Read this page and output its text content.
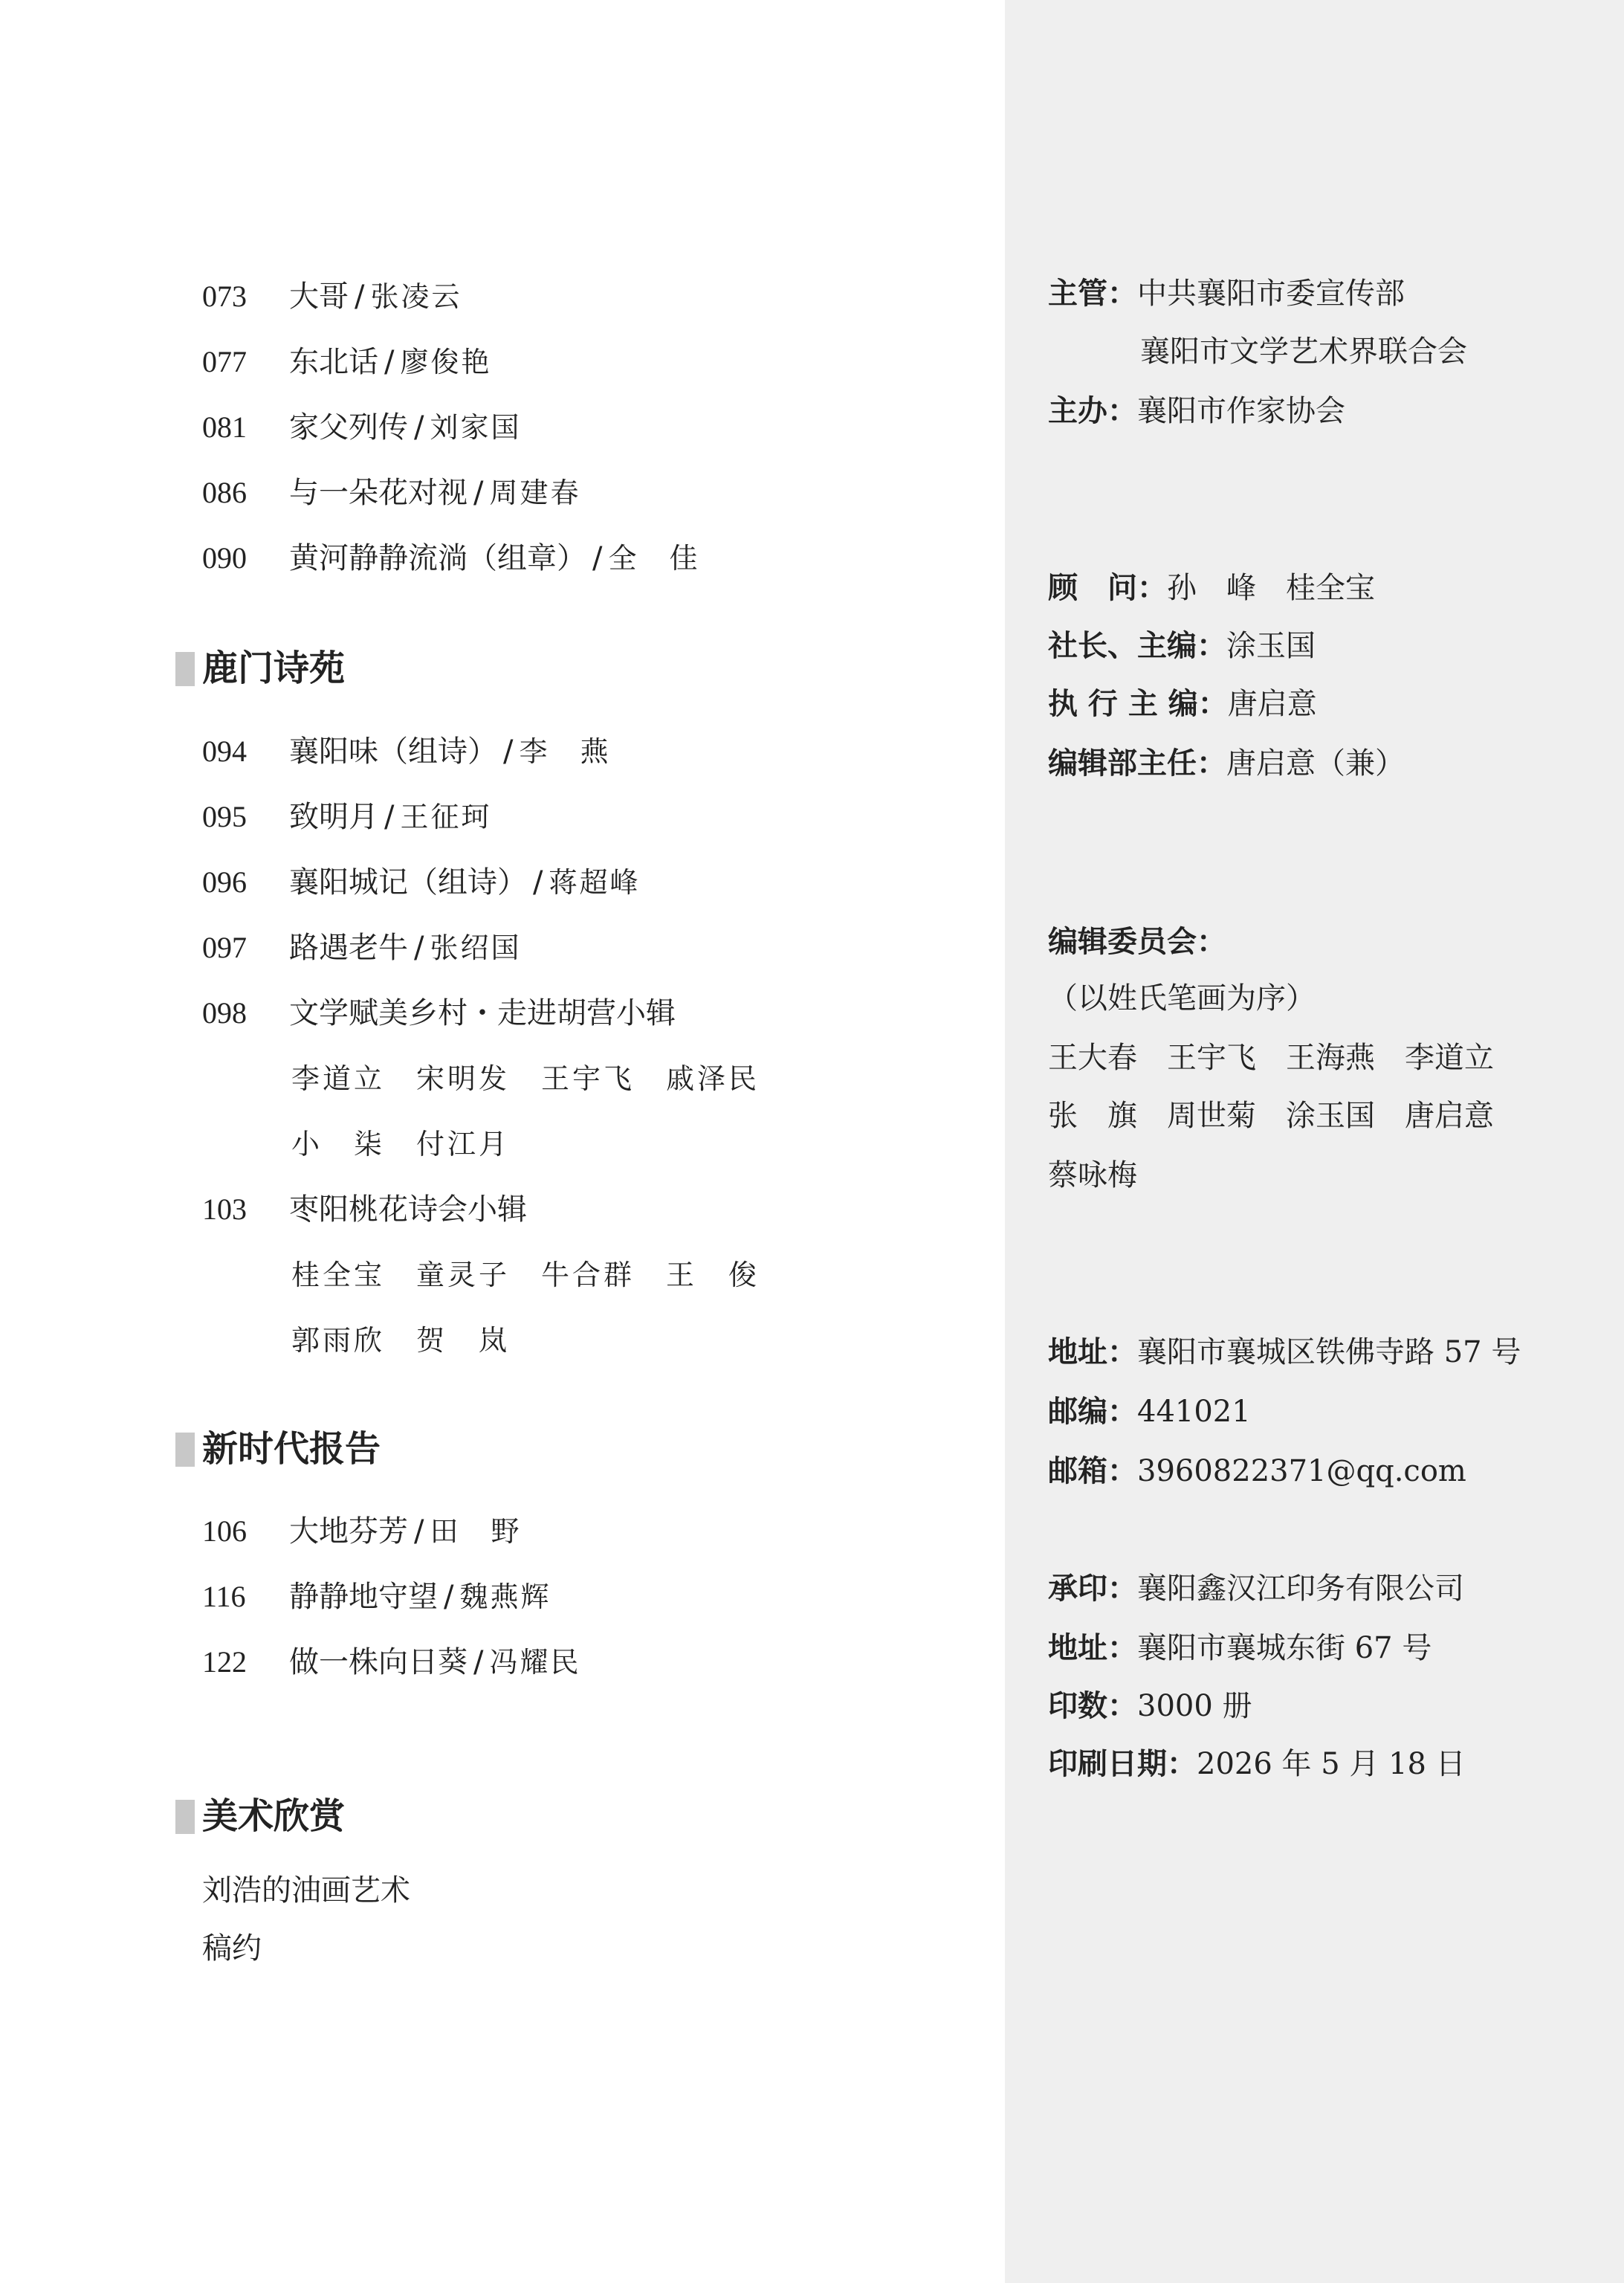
073 大哥 / 张凌云
077 东北话 / 廖俊艳
081 家父列传 / 刘家国
086 与一朵花对视 / 周建春
090 黄河静静流淌（组章） / 全　佳
鹿门诗苑
094 襄阳味（组诗） / 李　燕
095 致明月 / 王征珂
096 襄阳城记（组诗） / 蒋超峰
097 路遇老牛 / 张绍国
098 文学赋美乡村・走进胡营小辑
李道立　宋明发　王宇飞　戚泽民
小　柒　付江月
103 枣阳桃花诗会小辑
桂全宝　童灵子　牛合群　王　俊
郭雨欣　贺　岚
新时代报告
106 大地芬芳 / 田　野
116 静静地守望 / 魏燕辉
122 做一株向日葵 / 冯耀民
美术欣赏
刘浩的油画艺术
稿约
主管：中共襄阳市委宣传部
襄阳市文学艺术界联合会
主办：襄阳市作家协会
顾　问：孙　峰　桂全宝
社长、主编：涂玉国
执 行 主 编：唐启意
编辑部主任：唐启意（兼）
编辑委员会：
（以姓氏笔画为序）
王大春　王宇飞　王海燕　李道立
张　旗　周世菊　涂玉国　唐启意
蔡咏梅
地址：襄阳市襄城区铁佛寺路 57 号
邮编：441021
邮箱：3960822371@qq.com
承印：襄阳鑫汉江印务有限公司
地址：襄阳市襄城东街 67 号
印数：3000 册
印刷日期：2026 年 5 月 18 日
